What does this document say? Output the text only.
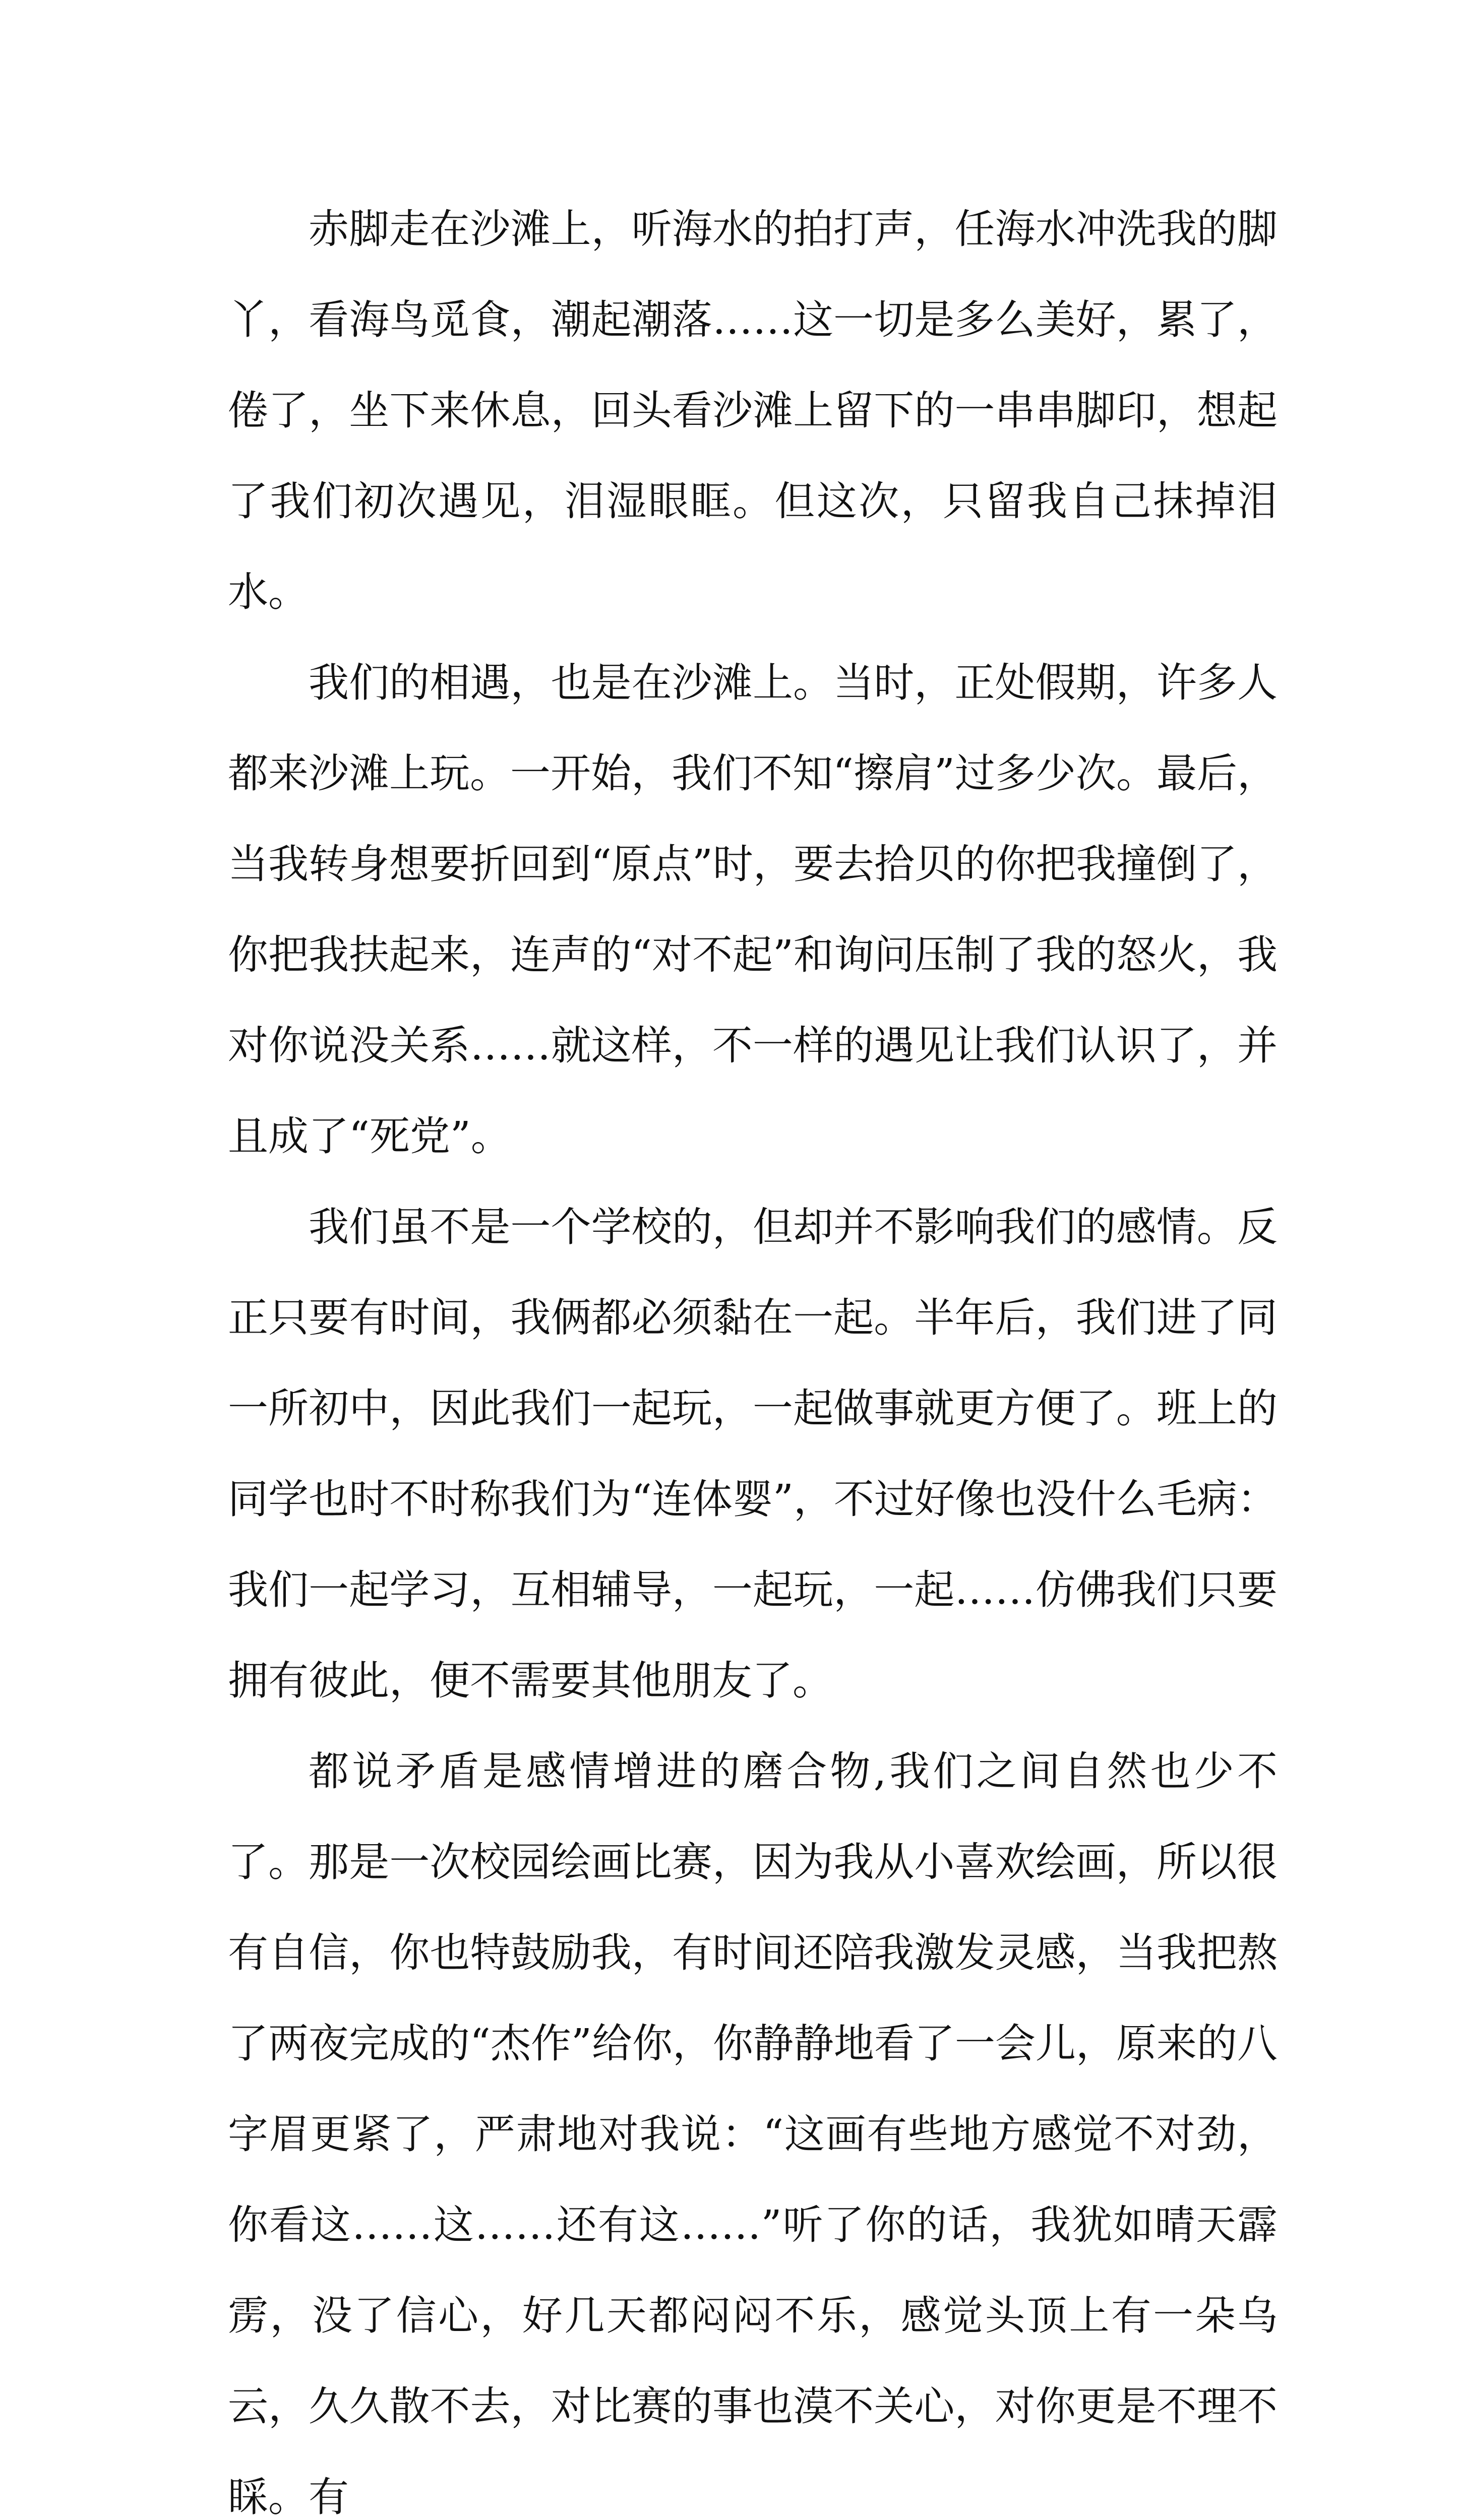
赤脚走在沙滩上，听海水的拍打声，任海水冲洗我的脚丫，看海鸟觅食，潮起潮落……这一切是多么美好，累了，倦了，坐下来休息，回头看沙滩上留下的一串串脚印，想起了我们初次遇见，泪湿眼眶。但这次，只留我自己抹掉泪水。

我们的相遇，也是在沙滩上。当时，正处假期，许多人都来沙滩上玩。一开始，我们不知“擦肩”过多少次。最后，当我转身想要折回到“原点”时，要去拾贝的你把我撞倒了，你把我扶起来，连声的“对不起”和询问压制了我的怒火，我对你说没关系……就这样，不一样的遇见让我们认识了，并且成了“死党”。

我们虽不是一个学校的，但却并不影响我们的感情。反正只要有时间，我俩都必须黏在一起。半年后，我们进了同一所初中，因此我们一起玩，一起做事就更方便了。班上的同学也时不时称我们为“连体婴”，不过好像也没什么毛病：我们一起学习，互相辅导，一起玩，一起……仿佛我们只要拥有彼此，便不需要其他朋友了。

都说矛盾是感情增进的磨合物,我们之间自然也少不了。那是一次校园绘画比赛，因为我从小喜欢绘画，所以很有自信，你也特鼓励我，有时间还陪我激发灵感，当我把熬了两夜完成的“杰作”给你，你静静地看了一会儿，原来的八字眉更紧了，严肃地对我说：“这画有些地方感觉不对劲，你看这……这……还有这……”听了你的话，我犹如晴天霹雳，没了信心，好几天都闷闷不乐，感觉头顶上有一朵乌云，久久散不去，对比赛的事也漠不关心，对你更是不理不睬。有
